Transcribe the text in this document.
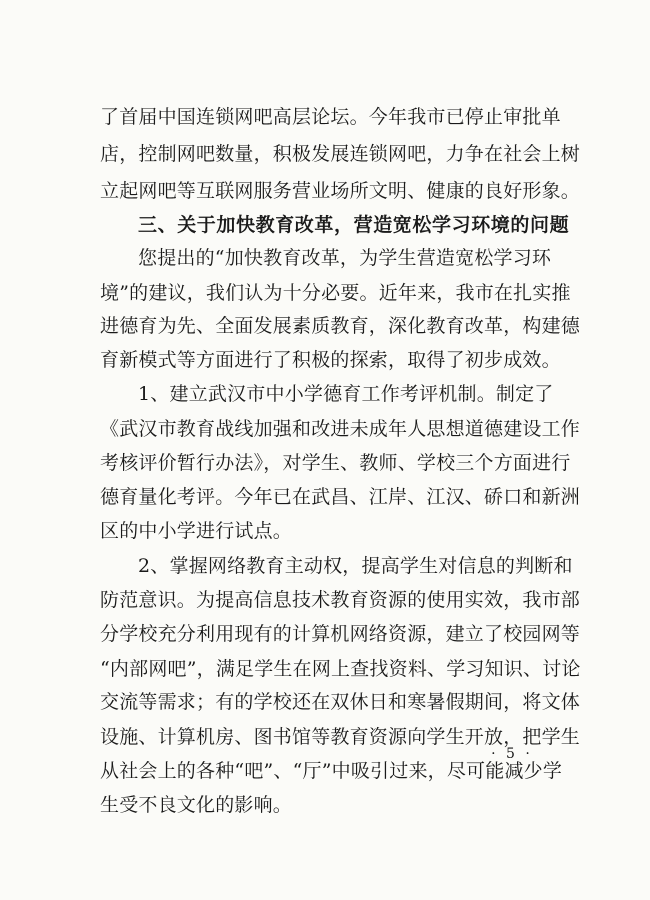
了首届中国连锁网吧高层论坛。今年我市已停止审批单
店，控制网吧数量，积极发展连锁网吧，力争在社会上树
立起网吧等互联网服务营业场所文明、健康的良好形象。
三、关于加快教育改革，营造宽松学习环境的问题
您提出的“加快教育改革，为学生营造宽松学习环
境”的建议，我们认为十分必要。近年来，我市在扎实推
进德育为先、全面发展素质教育，深化教育改革，构建德
育新模式等方面进行了积极的探索，取得了初步成效。
1、建立武汉市中小学德育工作考评机制。制定了
《武汉市教育战线加强和改进未成年人思想道德建设工作
考核评价暂行办法》，对学生、教师、学校三个方面进行
德育量化考评。今年已在武昌、江岸、江汉、硚口和新洲
区的中小学进行试点。
2、掌握网络教育主动权，提高学生对信息的判断和
防范意识。为提高信息技术教育资源的使用实效，我市部
分学校充分利用现有的计算机网络资源，建立了校园网等
“内部网吧”，满足学生在网上查找资料、学习知识、讨论
交流等需求；有的学校还在双休日和寒暑假期间，将文体
设施、计算机房、图书馆等教育资源向学生开放，把学生
从社会上的各种“吧”、“厅”中吸引过来，尽可能减少学
生受不良文化的影响。
· 5 ·
